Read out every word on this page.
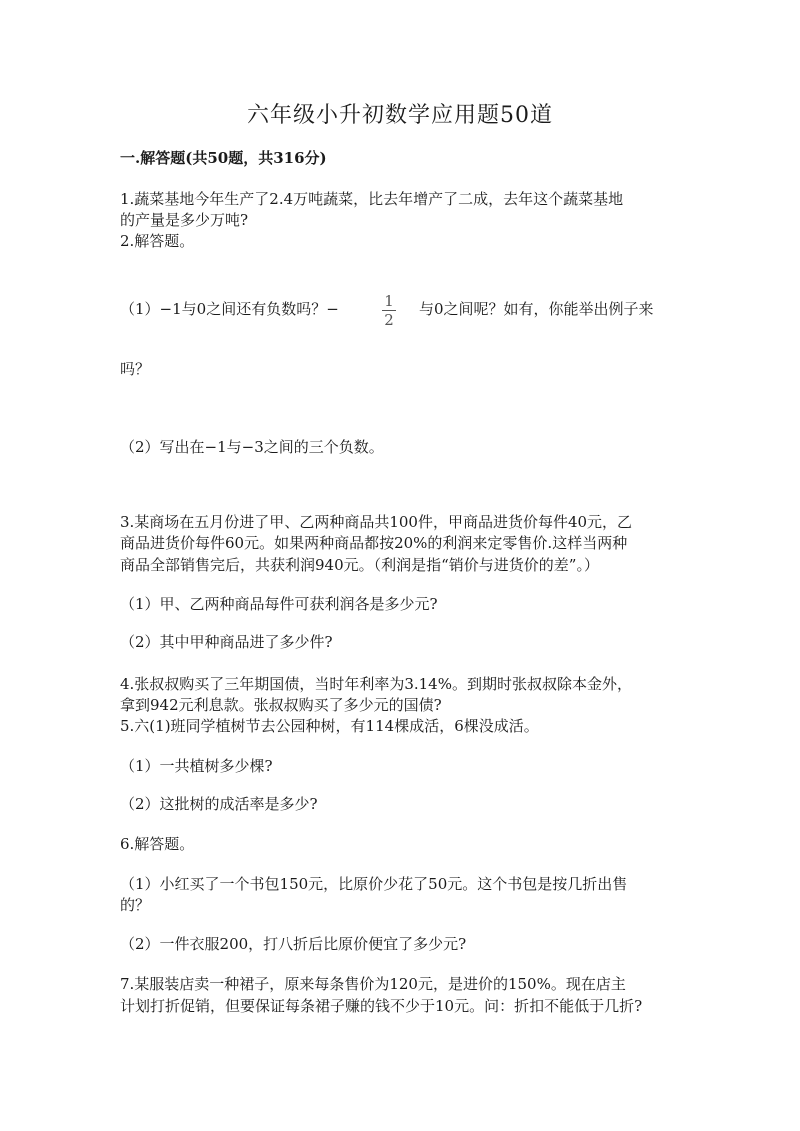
六年级小升初数学应用题50道
一.解答题(共50题，共316分)
1.蔬菜基地今年生产了2.4万吨蔬菜，比去年增产了二成，去年这个蔬菜基地
的产量是多少万吨?
2.解答题。
（1）−1与0之间还有负数吗？−	1
2
与0之间呢？如有，你能举出例子来
吗？
（2）写出在−1与−3之间的三个负数。
3.某商场在五月份进了甲、乙两种商品共100件，甲商品进货价每件40元，乙
商品进货价每件60元。如果两种商品都按20%的利润来定零售价.这样当两种
商品全部销售完后，共获利润940元。（利润是指“销价与进货价的差”。）
（1）甲、乙两种商品每件可获利润各是多少元?
（2）其中甲种商品进了多少件?
4.张叔叔购买了三年期国债，当时年利率为3.14%。到期时张叔叔除本金外，
拿到942元利息款。张叔叔购买了多少元的国债?
5.六(1)班同学植树节去公园种树，有114棵成活，6棵没成活。
（1）一共植树多少棵?
（2）这批树的成活率是多少?
6.解答题。
（1）小红买了一个书包150元，比原价少花了50元。这个书包是按几折出售
的？
（2）一件衣服200，打八折后比原价便宜了多少元?
7.某服装店卖一种裙子，原来每条售价为120元，是进价的150%。现在店主
计划打折促销，但要保证每条裙子赚的钱不少于10元。问：折扣不能低于几折?
